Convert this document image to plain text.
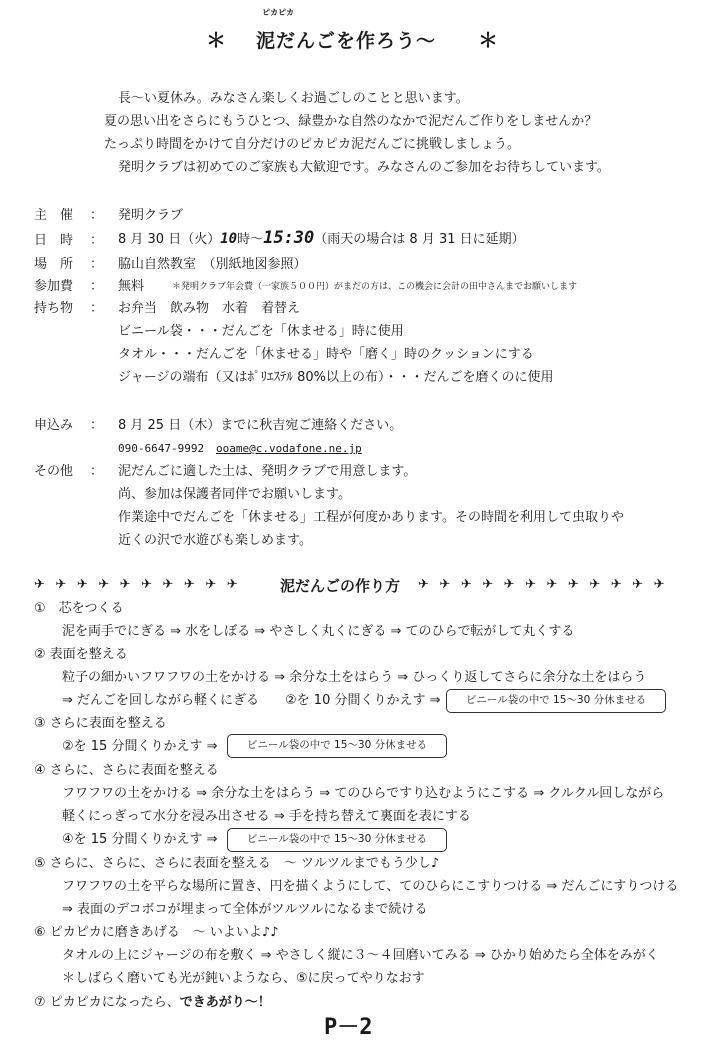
ピカピカ
＊ 泥だんごを作ろう～ ＊
長～い夏休み。みなさん楽しくお過ごしのことと思います。
夏の思い出をさらにもうひとつ、緑豊かな自然のなかで泥だんご作りをしませんか？
たっぷり時間をかけて自分だけのピカピカ泥だんごに挑戦しましょう。
発明クラブは初めてのご家族も大歓迎です。みなさんのご参加をお待ちしています。
主　催 ： 発明クラブ
日　時 ： 8 月 30 日（火）10時～15:30（雨天の場合は 8 月 31 日に延期）
場　所 ： 脇山自然教室　（別紙地図参照）
参加費 ： 無料	＊発明クラブ年会費（一家族５００円）がまだの方は、この機会に会計の田中さんまでお願いします
持ち物 ： お弁当　飲み物　水着　着替え
ビニール袋・・・だんごを「休ませる」時に使用
タオル・・・だんごを「休ませる」時や「磨く」時のクッションにする
ジャージの端布（又はﾎﾟﾘｴｽﾃﾙ 80%以上の布）・・・だんごを磨くのに使用
申込み ： 8 月 25 日（木）までに秋吉宛ご連絡ください。
090-6647-9992 ooame@c.vodafone.ne.jp
その他 ： 泥だんごに適した土は、発明クラブで用意します。
尚、参加は保護者同伴でお願いします。
作業途中でだんごを「休ませる」工程が何度かあります。その時間を利用して虫取りや
近くの沢で水遊びも楽しめます。
✈ ✈ ✈ ✈ ✈ ✈ ✈ ✈ ✈ ✈	泥だんごの作り方 ✈ ✈ ✈ ✈ ✈ ✈ ✈ ✈ ✈ ✈ ✈ ✈
①　芯をつくる
泥を両手でにぎる ⇒ 水をしぼる ⇒ やさしく丸くにぎる ⇒ てのひらで転がして丸くする
② 表面を整える
粒子の細かいフワフワの土をかける ⇒ 余分な土をはらう ⇒ ひっくり返してさらに余分な土をはらう
⇒ だんごを回しながら軽くにぎる　　②を 10 分間くりかえす ⇒	ビニール袋の中で 15～30 分休ませる
③ さらに表面を整える
②を 15 分間くりかえす ⇒	ビニール袋の中で 15～30 分休ませる
④ さらに、さらに表面を整える
フワフワの土をかける ⇒ 余分な土をはらう ⇒ てのひらですり込むようにこする ⇒ クルクル回しながら
軽くにっぎって水分を浸み出させる ⇒ 手を持ち替えて裏面を表にする
④を 15 分間くりかえす ⇒	ビニール袋の中で 15～30 分休ませる
⑤ さらに、さらに、さらに表面を整える　～ ツルツルまでもう少し♪
フワフワの土を平らな場所に置き、円を描くようにして、てのひらにこすりつける ⇒ だんごにすりつける
⇒ 表面のデコボコが埋まって全体がツルツルになるまで続ける
⑥ ピカピカに磨きあげる　～ いよいよ♪♪
タオルの上にジャージの布を敷く ⇒ やさしく縦に３～４回磨いてみる ⇒ ひかり始めたら全体をみがく
＊しばらく磨いても光が鈍いようなら、⑤に戻ってやりなおす
⑦ ピカピカになったら、できあがり～！
P－2
